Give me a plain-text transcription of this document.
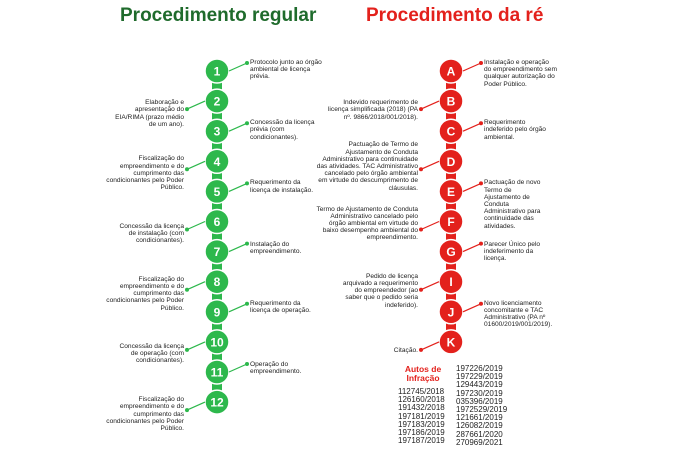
Procedimento regular	Procedimento da ré
1
2
3
4
5
6
7
8
9
10
11
12
A
B
C
D
E
F
G
I
J
K
Protocolo junto ao órgão ambiental de licença prévia.
Elaboração e apresentação do EIA/RIMA (prazo médio de um ano).	Concessão da licença prévia (com condicionantes).
Fiscalização do empreendimento e do cumprimento das condicionantes pelo Poder Público.
Requerimento da licença de instalação.
Concessão da licença de instalação (com condicionantes).
Instalação do empreendimento.
Fiscalização do empreendimento e do cumprimento das condicionantes pelo Poder Público.
Requerimento da licença de operação.
Concessão da licença de operação (com condicionantes).
Operação do empreendimento.
Fiscalização do empreendimento e do cumprimento das condicionantes pelo Poder Público.
Instalação e operação do empreendimento sem qualquer autorização do Poder Público.
Indevido requerimento de licença simplificada (2018) (PA nº. 9866/2018/001/2018).
Requerimento indeferido pelo órgão ambiental.
Pactuação de Termo de Ajustamento de Conduta Administrativo para continuidade das atividades. TAC Administrativo cancelado pelo órgão ambiental em virtude do descumprimento de cláusulas.
Pactuação de novo Termo de Ajustamento de Conduta Administrativo para continuidade das atividades.
Termo de Ajustamento de Conduta Administrativo cancelado pelo órgão ambiental em virtude do baixo desempenho ambiental do empreendimento.
Parecer Único pelo indeferimento da licença.
Pedido de licença arquivado a requerimento do empreendedor (ao saber que o pedido seria indeferido).	Novo licenciamento concomitante e TAC Administrativo (PA nº 01600/2019/001/2019).
Citação.
Autos de Infração
112745/2018
126160/2018
191432/2018
197181/2019
197183/2019
197186/2019
197187/2019
197226/2019
197229/2019
129443/2019
197230/2019
035396/2019
1972529/2019
121661/2019
126082/2019
287661/2020
270969/2021
